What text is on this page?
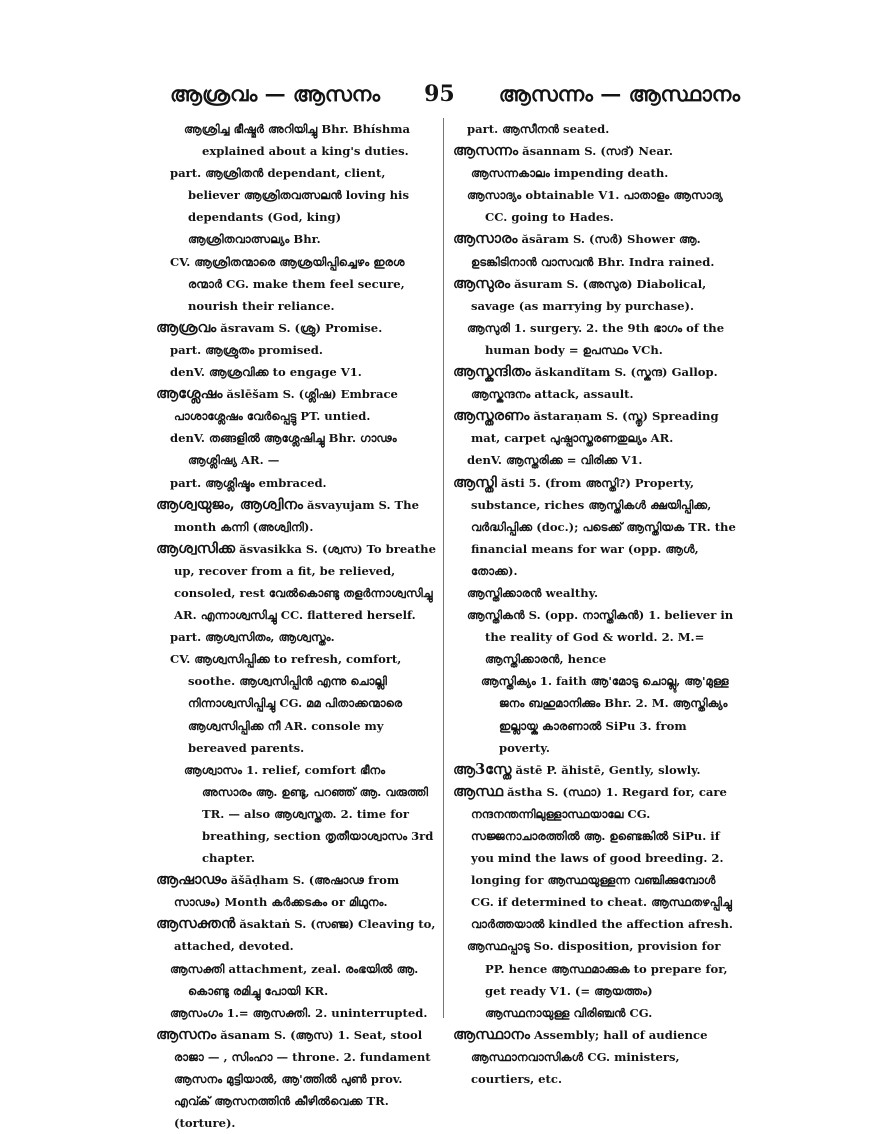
ആശ്രവം — ആസനം 95 ആസന്നം — ആസ്ഥാനം

ആശ്രിച്ച ഭീഷ്മർ അറിയിച്ചു Bhr. Bhíshma explained about a king's duties.

part. ആശ്രിതൻ dependant, client, believer ആശ്രിതവത്സലൻ loving his dependants (God, king) ആശ്രിതവാത്സല്യം Bhr.

CV. ആശ്രിതന്മാരെ ആശ്രയിപ്പിച്ചെഴം ഇരശ രന്മാർ CG. make them feel secure, nourish their reliance.

ആശ്രവം ăsravam S. (ശ്രു) Promise.

part. ആശ്രുതം promised.

denV. ആശ്രവിക്ക to engage V1.

ആശ്ലേഷം ăslēšam S. (ശ്ലിഷ) Embrace പാശാശ്ലേഷം വേർപ്പെട്ടു PT. untied.

denV. തങ്ങളിൽ ആശ്ലേഷിച്ചു Bhr. ഗാഢം ആശ്ലിഷ്യ AR. —

part. ആശ്ലിഷ്ടം embraced.

ആശ്വയുജം, ആശ്വിനം ăsvayujam S. The month കന്നി (അശ്വിനി).

ആശ്വസിക്ക ăsvasikka S. (ശ്വസ) To breathe up, recover from a fit, be relieved, consoled, rest വേൽകൊണ്ടു തളർന്നാശ്വസിച്ചു AR. എന്നാശ്വസിച്ചു CC. flattered herself.

part. ആശ്വസിതം, ആശ്വസ്തം.

CV. ആശ്വസിപ്പിക്ക to refresh, comfort, soothe. ആശ്വസിപ്പിൻ എന്നു ചൊല്ലി നിന്നാശ്വസിപ്പിച്ചു CG. മമ പിതാക്കന്മാരെ ആശ്വസിപ്പിക്ക നീ AR. console my bereaved parents.

ആശ്വാസം 1. relief, comfort ഭീനം അസാരം ആ. ഉണ്ടു, പറഞ്ഞ് ആ. വരുത്തി TR. — also ആശ്വസ്തത. 2. time for breathing, section തൃതീയാശ്വാസം 3rd chapter.

ആഷാഢം ăšāḍham S. (അഷാഢ from സാഢം) Month കർക്കടകം or മിഥുനം.

ആസക്തൻ ăsaktaṅ S. (സഞ്ജ) Cleaving to, attached, devoted.

ആസക്തി attachment, zeal. രംഭയിൽ ആ. കൊണ്ടു രമിച്ചു പോയി KR.

ആസംഗം 1.= ആസക്തി. 2. uninterrupted.

ആസനം ăsanam S. (ആസ) 1. Seat, stool രാജാ — , സിംഹാ — throne. 2. fundament ആസനം മുട്ടിയാൽ, ആ'ത്തിൽ പുൺ prov. എവ്ക് ആസനത്തിൻ കീഴിൽവെക്ക TR. (torture).

part. ആസീനൻ seated.

ആസന്നം ăsannam S. (സദ്) Near. ആസന്നകാലം impending death.

ആസാദ്യം obtainable V1. പാതാളം ആസാദ്യ CC. going to Hades.

ആസാരം ăsāram S. (സർ) Shower ആ. ഉടങ്കിടിനാൻ വാസവൻ Bhr. Indra rained.

ആസുരം ăsuram S. (അസുര) Diabolical, savage (as marrying by purchase).

ആസുരി 1. surgery. 2. the 9th ഭാഗം of the human body = ഉപസ്ഥം VCh.

ആസ്കന്ദിതം ăskandĭtam S. (സ്കന്ദ) Gallop. ആസ്കന്ദനം attack, assault.

ആസ്തരണം ăstaraṇam S. (സ്തൃ) Spreading mat, carpet പുഷ്പാസ്തരണതുല്യം AR.

denV. ആസ്തരിക്ക = വിരിക്ക V1.

ആസ്തി ăsti 5. (from അസ്തി?) Property, substance, riches ആസ്തികൾ ക്ഷയിപ്പിക്ക, വർദ്ധിപ്പിക്ക (doc.); പടെക്ക് ആസ്തിയക TR. the financial means for war (opp. ആൾ, തോക്ക).

ആസ്തിക്കാരൻ wealthy.

ആസ്തികൻ S. (opp. നാസ്തികൻ) 1. believer in the reality of God & world. 2. M.= ആസ്തിക്കാരൻ, hence

ആസ്തിക്യം 1. faith ആ'മോടു ചൊല്ലു, ആ'മുള്ള ജനം ബഹുമാനിക്കും Bhr. 2. M. ആസ്തിക്യം ഇല്ലായ്ക കാരണാൽ SiPu 3. from poverty.

ആ3സ്തേ ăstē P. ăhistē, Gently, slowly.

ആസ്ഥ ăstha S. (സ്ഥാ) 1. Regard for, care നന്ദനന്തന്നിലുള്ളാസ്ഥയാലേ CG. സജ്ജനാചാരത്തിൽ ആ. ഉണ്ടെങ്കിൽ SiPu. if you mind the laws of good breeding. 2. longing for ആസ്ഥയുള്ളന്ന വഞ്ചിക്കുമ്പോൾ CG. if determined to cheat. ആസ്ഥതഴപ്പിച്ചു വാർത്തയാൽ kindled the affection afresh.

ആസ്ഥപ്പാടു So. disposition, provision for PP. hence ആസ്ഥമാക്കുക to prepare for, get ready V1. (= ആയത്തം) ആസ്ഥനായുള്ള വിരിഞ്ചൻ CG.

ആസ്ഥാനം Assembly; hall of audience ആസ്ഥാനവാസികൾ CG. ministers, courtiers, etc.
